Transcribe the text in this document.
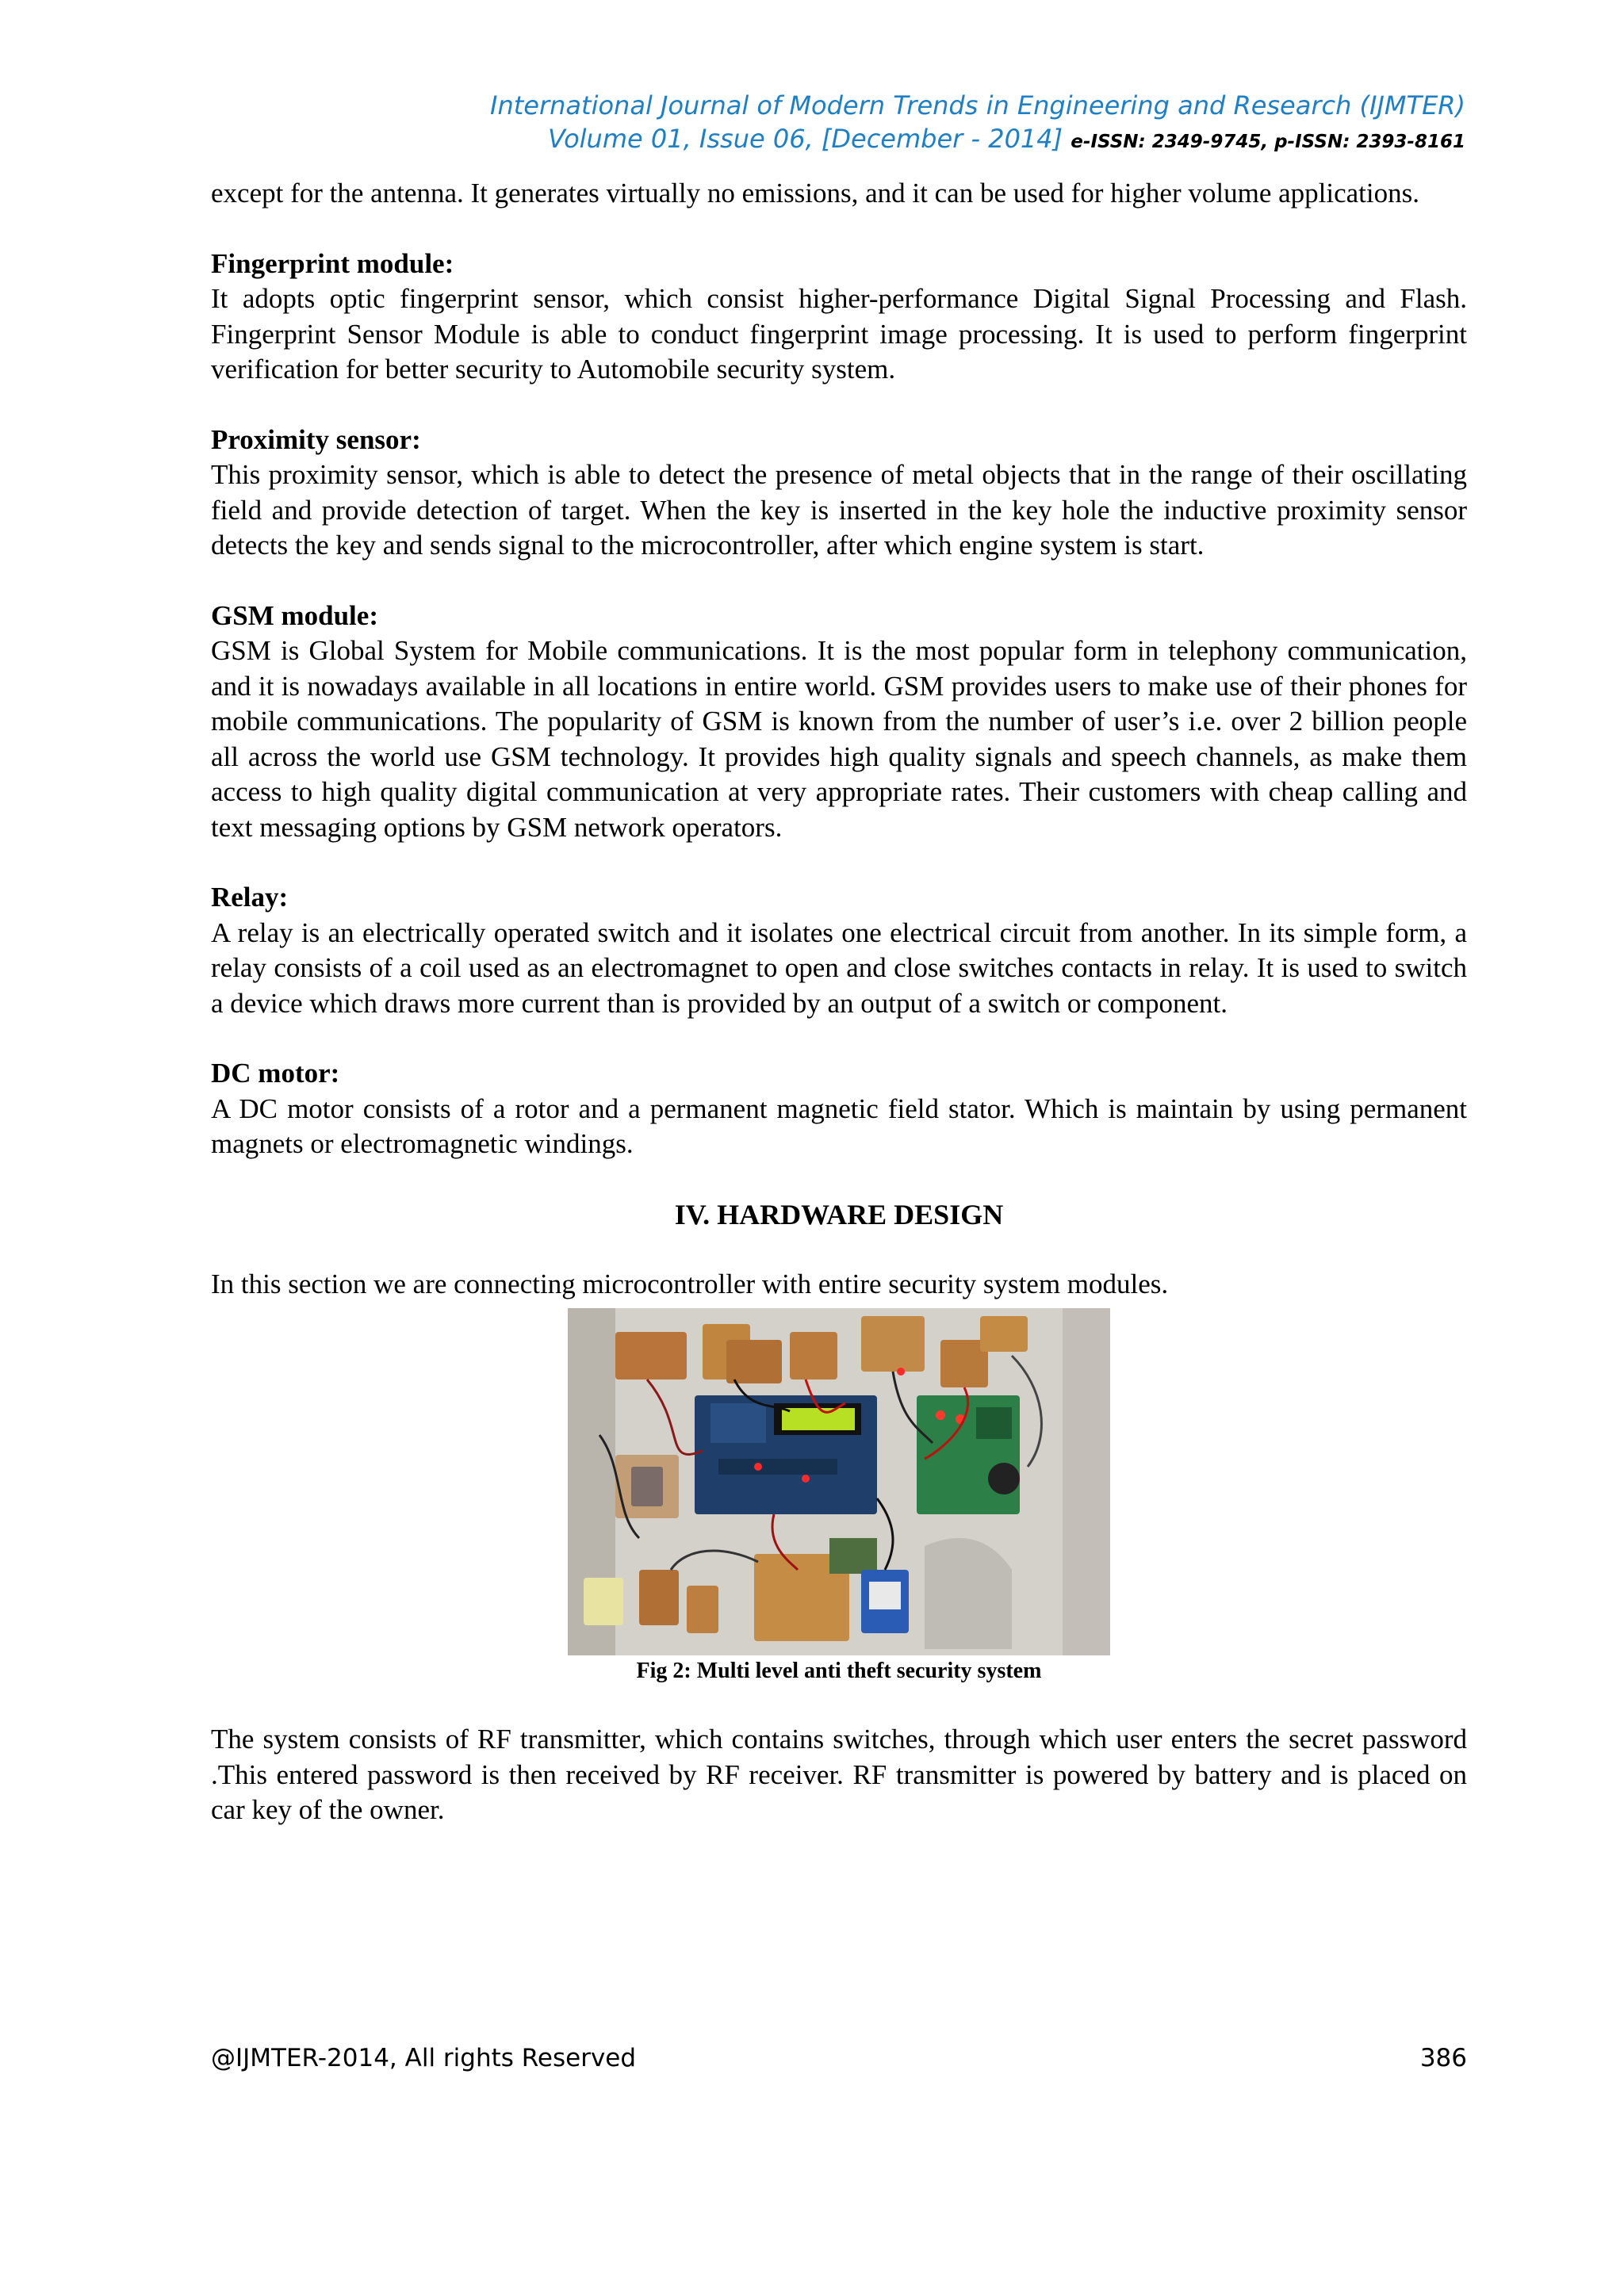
International Journal of Modern Trends in Engineering and Research (IJMTER)
Volume 01, Issue 06, [December - 2014] e-ISSN: 2349-9745, p-ISSN: 2393-8161

except for the antenna. It generates virtually no emissions, and it can be used for higher volume applications.

Fingerprint module:

It adopts optic fingerprint sensor, which consist higher-performance Digital Signal Processing and Flash. Fingerprint Sensor Module is able to conduct fingerprint image processing. It is used to perform fingerprint verification for better security to Automobile security system.

Proximity sensor:

This proximity sensor, which is able to detect the presence of metal objects that in the range of their oscillating field and provide detection of target. When the key is inserted in the key hole the inductive proximity sensor detects the key and sends signal to the microcontroller, after which engine system is start.

GSM module:

GSM is Global System for Mobile communications. It is the most popular form in telephony communication, and it is nowadays available in all locations in entire world. GSM provides users to make use of their phones for mobile communications. The popularity of GSM is known from the number of user’s i.e. over 2 billion people all across the world use GSM technology. It provides high quality signals and speech channels, as make them access to high quality digital communication at very appropriate rates. Their customers with cheap calling and text messaging options by GSM network operators.

Relay:

A relay is an electrically operated switch and it isolates one electrical circuit from another. In its simple form, a relay consists of a coil used as an electromagnet to open and close switches contacts in relay. It is used to switch a device which draws more current than is provided by an output of a switch or component.

DC motor:

A DC motor consists of a rotor and a permanent magnetic field stator. Which is maintain by using permanent magnets or electromagnetic windings.

IV. HARDWARE DESIGN

In this section we are connecting microcontroller with entire security system modules.

Fig 2: Multi level anti theft security system

The system consists of RF transmitter, which contains switches, through which user enters the secret password .This entered password is then received by RF receiver. RF transmitter is powered by battery and is placed on car key of the owner.

@IJMTER-2014, All rights Reserved	386
